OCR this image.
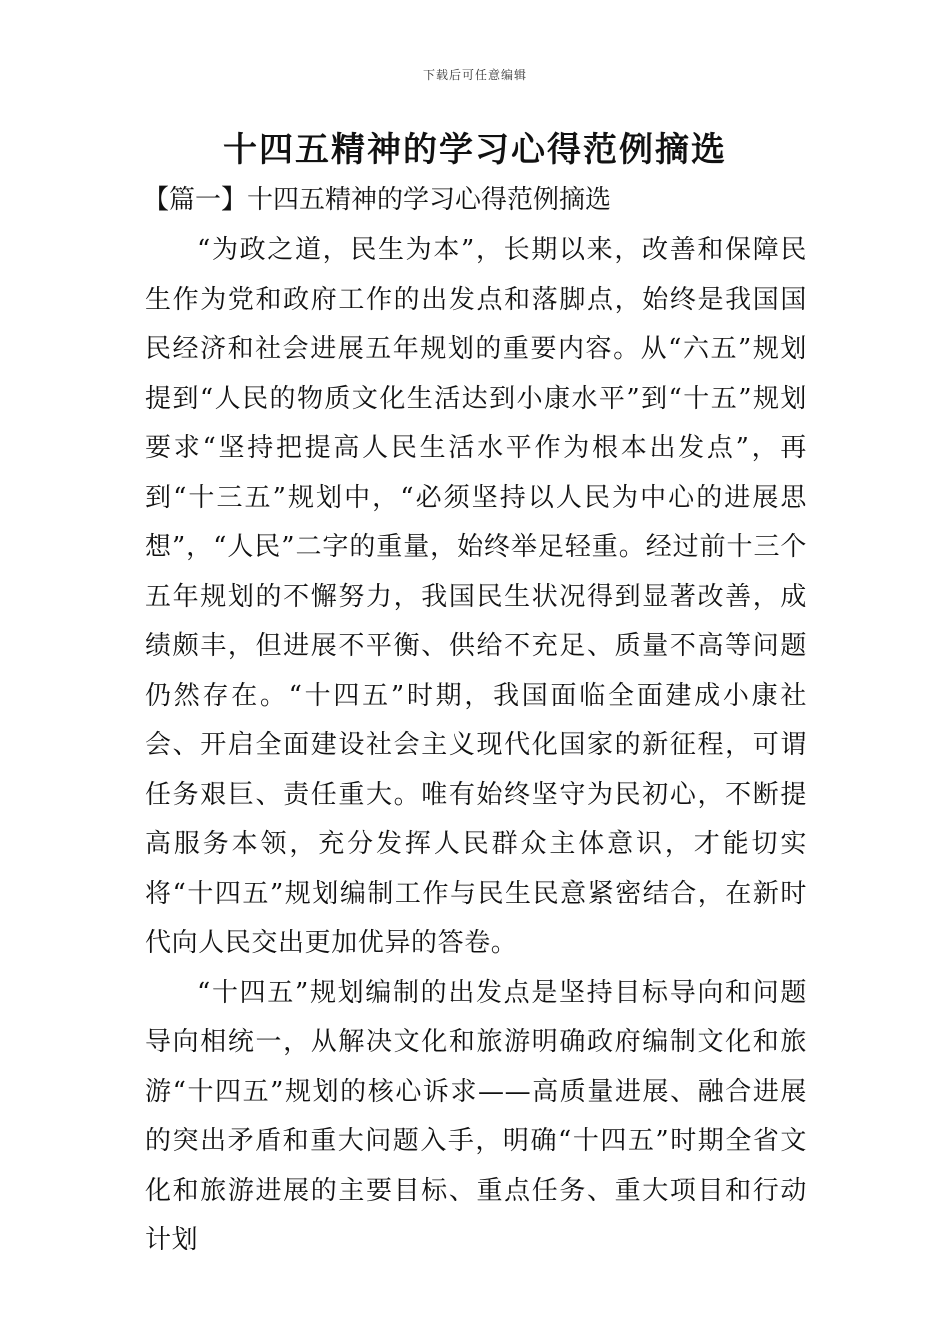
下载后可任意编辑
十四五精神的学习心得范例摘选
【篇一】十四五精神的学习心得范例摘选

“为政之道，民生为本”，长期以来，改善和保障民生作为党和政府工作的出发点和落脚点，始终是我国国民经济和社会进展五年规划的重要内容。从“六五”规划提到“人民的物质文化生活达到小康水平”到“十五”规划要求“坚持把提高人民生活水平作为根本出发点”，再到“十三五”规划中，“必须坚持以人民为中心的进展思想”，“人民”二字的重量，始终举足轻重。经过前十三个五年规划的不懈努力，我国民生状况得到显著改善，成绩颇丰，但进展不平衡、供给不充足、质量不高等问题仍然存在。“十四五”时期，我国面临全面建成小康社会、开启全面建设社会主义现代化国家的新征程，可谓任务艰巨、责任重大。唯有始终坚守为民初心，不断提高服务本领，充分发挥人民群众主体意识，才能切实将“十四五”规划编制工作与民生民意紧密结合，在新时代向人民交出更加优异的答卷。

“十四五”规划编制的出发点是坚持目标导向和问题导向相统一，从解决文化和旅游明确政府编制文化和旅游“十四五”规划的核心诉求——高质量进展、融合进展的突出矛盾和重大问题入手，明确“十四五”时期全省文化和旅游进展的主要目标、重点任务、重大项目和行动计划
